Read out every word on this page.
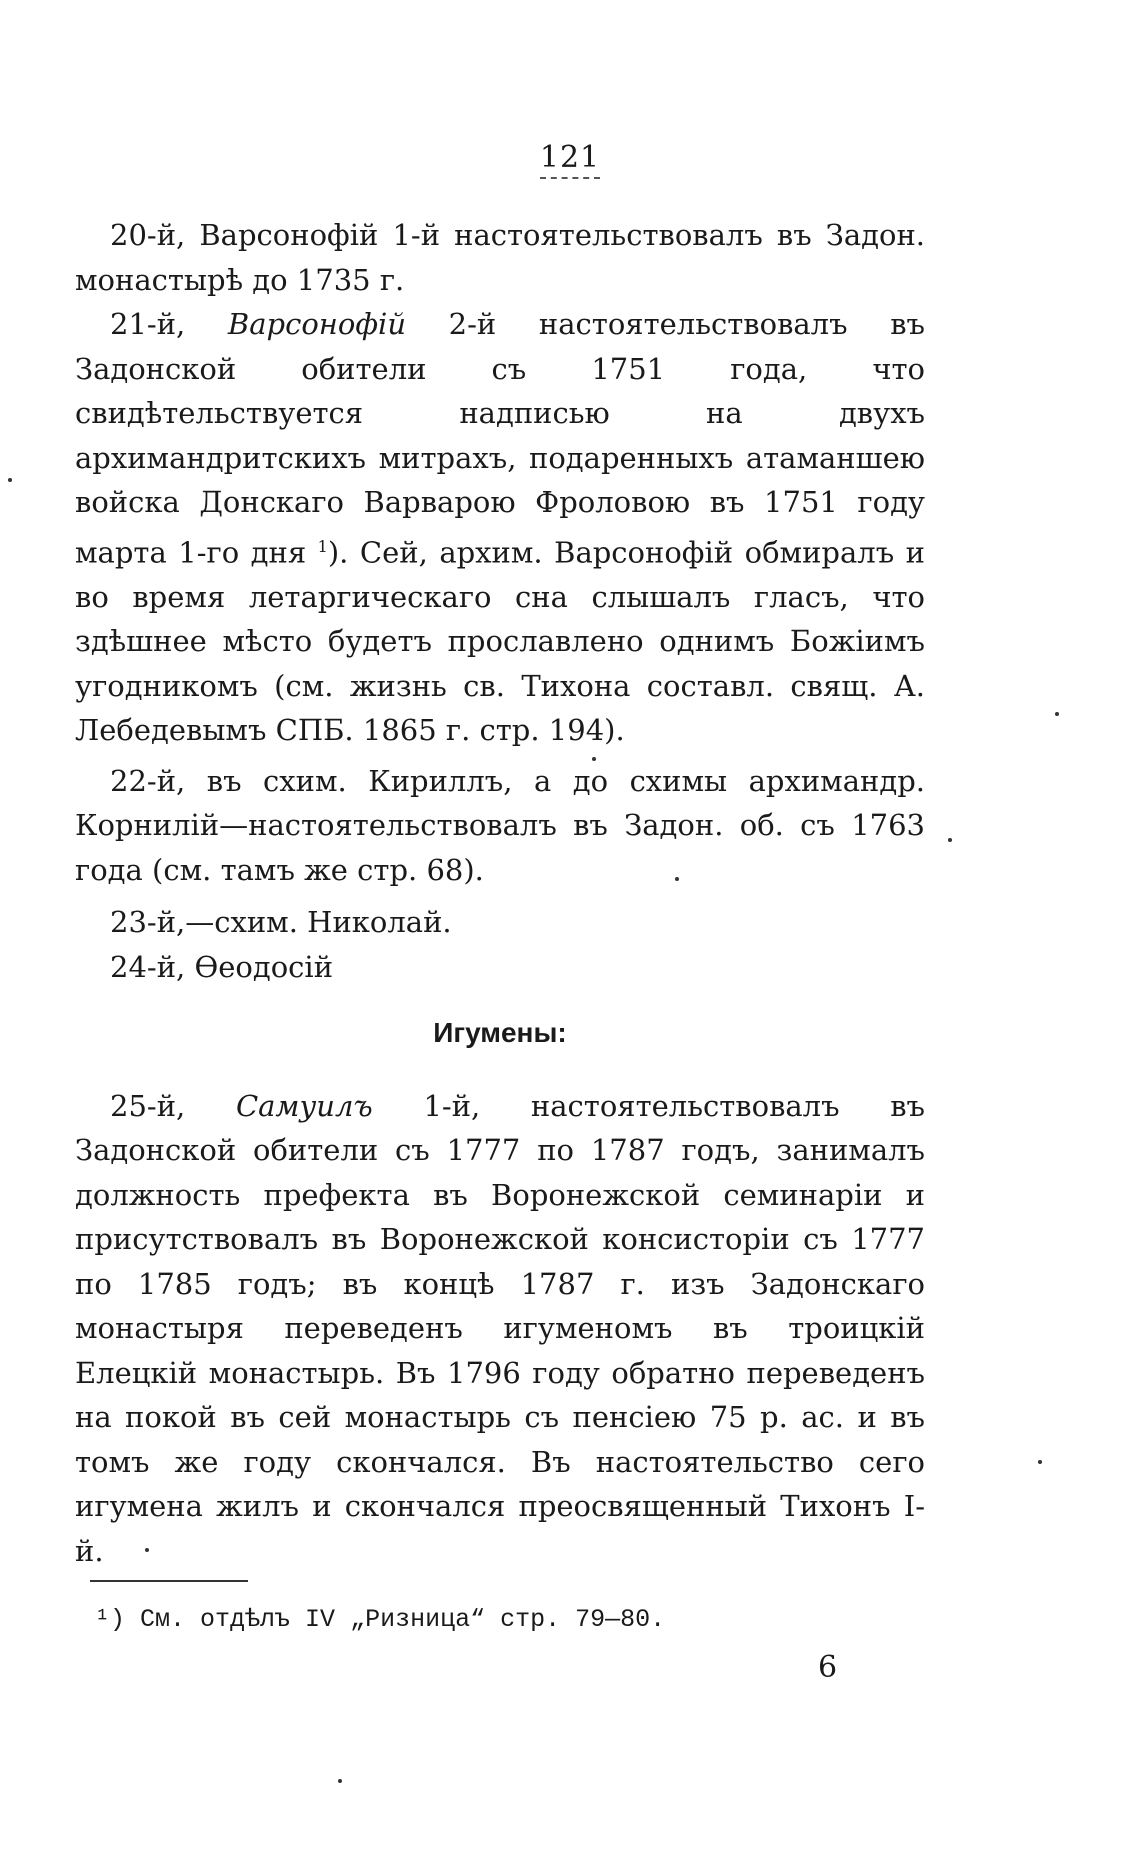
121

20-й, Варсонофій 1-й настоятельствовалъ въ Задон. монастырѣ до 1735 г.

21-й, Варсонофій 2-й настоятельствовалъ въ Задонской обители съ 1751 года, что свидѣтельствуется надписью на двухъ архимандритскихъ митрахъ, подаренныхъ атаманшею войска Донскаго Варварою Фроловою въ 1751 году марта 1-го дня $^1$). Сей, архим. Варсонофій обмиралъ и во время летаргическаго сна слышалъ гласъ, что здѣшнее мѣсто будетъ прославлено однимъ Божіимъ угодникомъ (см. жизнь св. Тихона составл. свящ. А. Лебедевымъ СПБ. 1865 г. стр. 194).

22-й, въ схим. Кириллъ, а до схимы архимандр. Корнилій—настоятельствовалъ въ Задон. об. съ 1763 года (см. тамъ же стр. 68).

23-й,—схим. Николай.

24-й, Ѳеодосій

Игумены:

25-й, Самуилъ 1-й, настоятельствовалъ въ Задонской обители съ 1777 по 1787 годъ, занималъ должность префекта въ Воронежской семинаріи и присутствовалъ въ Воронежской консисторіи съ 1777 по 1785 годъ; въ концѣ 1787 г. изъ Задонскаго монастыря переведенъ игуменомъ въ троицкій Елецкій монастырь. Въ 1796 году обратно переведенъ на покой въ сей монастырь съ пенсіею 75 р. ас. и въ томъ же году скончался. Въ настоятельство сего игумена жилъ и скончался преосвященный Тихонъ І-й.

¹) См. отдѣлъ IV „Ризница“ стр. 79—80.
6
